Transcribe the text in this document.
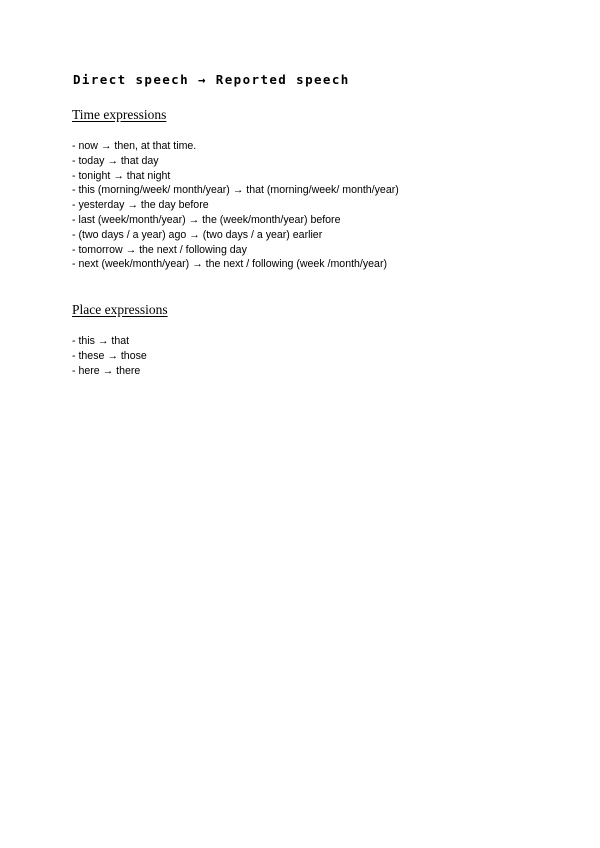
Direct speech → Reported speech
Time expressions
- now → then, at that time.
- today → that day
- tonight → that night
- this (morning/week/ month/year) → that (morning/week/ month/year)
- yesterday → the day before
- last (week/month/year) → the (week/month/year) before
- (two days / a year) ago → (two days / a year) earlier
- tomorrow → the next / following day
- next (week/month/year) → the next / following (week /month/year)
Place expressions
- this → that
- these → those
- here → there
